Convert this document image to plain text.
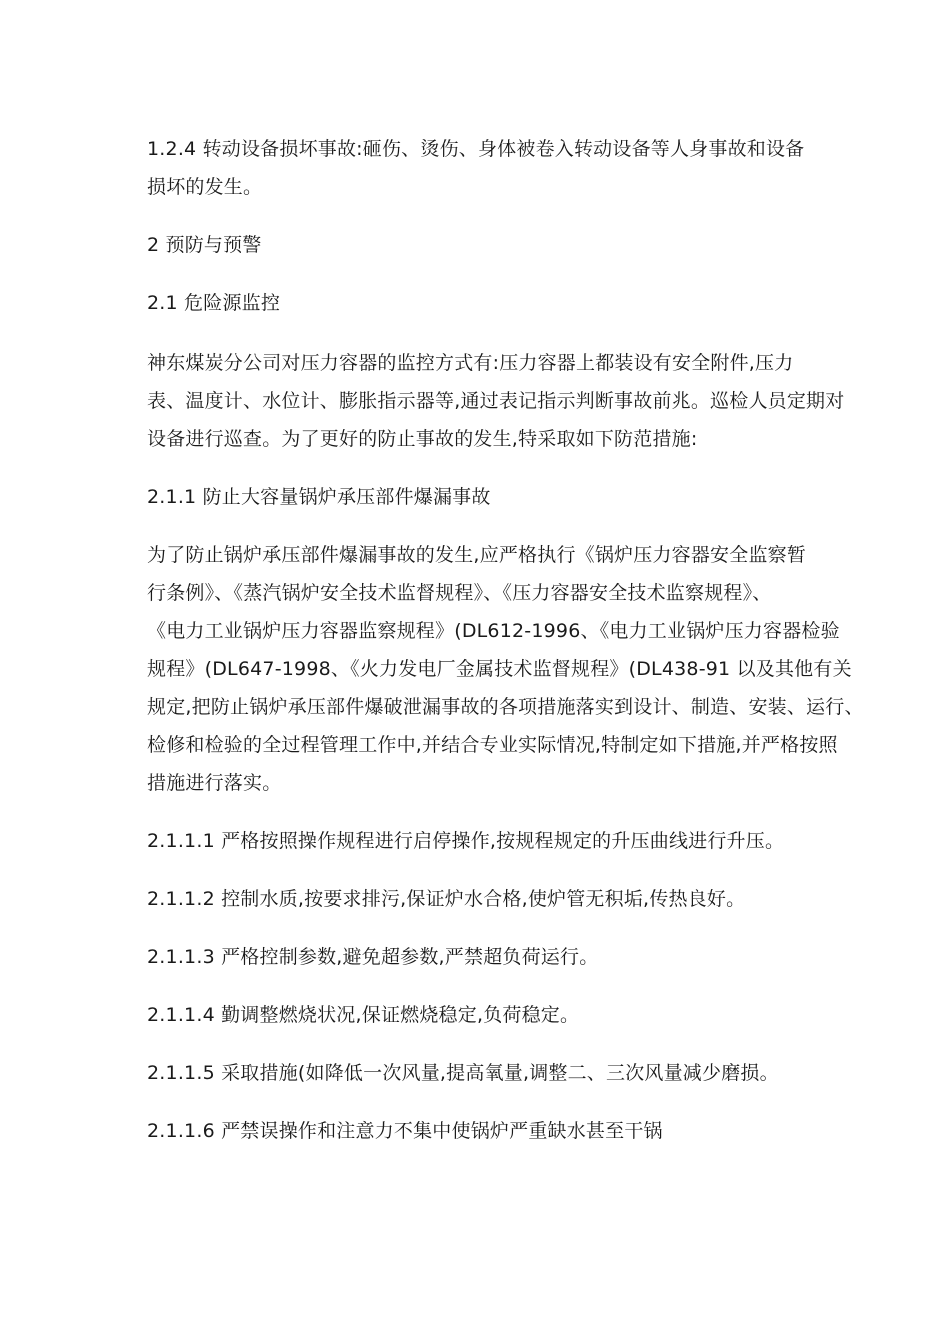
1.2.4 转动设备损坏事故:砸伤、烫伤、身体被卷入转动设备等人身事故和设备
损坏的发生。
2 预防与预警
2.1 危险源监控
神东煤炭分公司对压力容器的监控方式有:压力容器上都装设有安全附件,压力
表、温度计、水位计、膨胀指示器等,通过表记指示判断事故前兆。巡检人员定期对
设备进行巡查。为了更好的防止事故的发生,特采取如下防范措施:
2.1.1 防止大容量锅炉承压部件爆漏事故
为了防止锅炉承压部件爆漏事故的发生,应严格执行《锅炉压力容器安全监察暂
行条例》、《蒸汽锅炉安全技术监督规程》、《压力容器安全技术监察规程》、
《电力工业锅炉压力容器监察规程》(DL612-1996、《电力工业锅炉压力容器检验
规程》(DL647-1998、《火力发电厂金属技术监督规程》(DL438-91 以及其他有关
规定,把防止锅炉承压部件爆破泄漏事故的各项措施落实到设计、制造、安装、运行、
检修和检验的全过程管理工作中,并结合专业实际情况,特制定如下措施,并严格按照
措施进行落实。
2.1.1.1 严格按照操作规程进行启停操作,按规程规定的升压曲线进行升压。
2.1.1.2 控制水质,按要求排污,保证炉水合格,使炉管无积垢,传热良好。
2.1.1.3 严格控制参数,避免超参数,严禁超负荷运行。
2.1.1.4 勤调整燃烧状况,保证燃烧稳定,负荷稳定。
2.1.1.5 采取措施(如降低一次风量,提高氧量,调整二、三次风量减少磨损。
2.1.1.6 严禁误操作和注意力不集中使锅炉严重缺水甚至干锅
